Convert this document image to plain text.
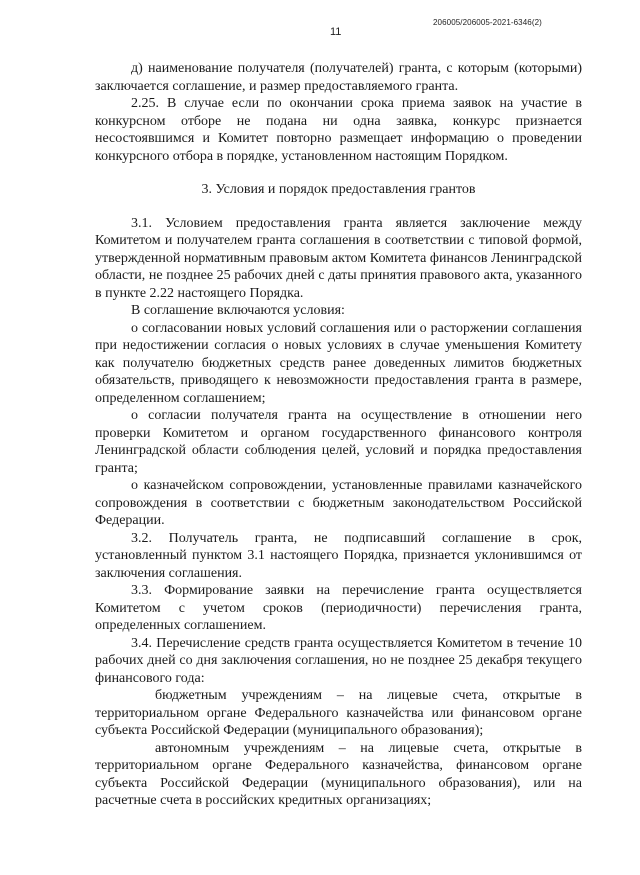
11
206005/206005-2021-6346(2)

д) наименование получателя (получателей) гранта, с которым (которыми) заключается соглашение, и размер предоставляемого гранта.

2.25. В случае если по окончании срока приема заявок на участие в конкурсном отборе не подана ни одна заявка, конкурс признается несостоявшимся и Комитет повторно размещает информацию о проведении конкурсного отбора в порядке, установленном настоящим Порядком.

3. Условия и порядок предоставления грантов

3.1. Условием предоставления гранта является заключение между Комитетом и получателем гранта соглашения в соответствии с типовой формой, утвержденной нормативным правовым актом Комитета финансов Ленинградской области, не позднее 25 рабочих дней с даты принятия правового акта, указанного в пункте 2.22 настоящего Порядка.

В соглашение включаются условия:

о согласовании новых условий соглашения или о расторжении соглашения при недостижении согласия о новых условиях в случае уменьшения Комитету как получателю бюджетных средств ранее доведенных лимитов бюджетных обязательств, приводящего к невозможности предоставления гранта в размере, определенном соглашением;

о согласии получателя гранта на осуществление в отношении него проверки Комитетом и органом государственного финансового контроля Ленинградской области соблюдения целей, условий и порядка предоставления гранта;

о казначейском сопровождении, установленные правилами казначейского сопровождения в соответствии с бюджетным законодательством Российской Федерации.

3.2. Получатель гранта, не подписавший соглашение в срок, установленный пунктом 3.1 настоящего Порядка, признается уклонившимся от заключения соглашения.

3.3. Формирование заявки на перечисление гранта осуществляется Комитетом с учетом сроков (периодичности) перечисления гранта, определенных соглашением.

3.4. Перечисление средств гранта осуществляется Комитетом в течение 10 рабочих дней со дня заключения соглашения, но не позднее 25 декабря текущего финансового года:

бюджетным учреждениям – на лицевые счета, открытые в территориальном органе Федерального казначейства или финансовом органе субъекта Российской Федерации (муниципального образования);

автономным учреждениям – на лицевые счета, открытые в территориальном органе Федерального казначейства, финансовом органе субъекта Российской Федерации (муниципального образования), или на расчетные счета в российских кредитных организациях;
